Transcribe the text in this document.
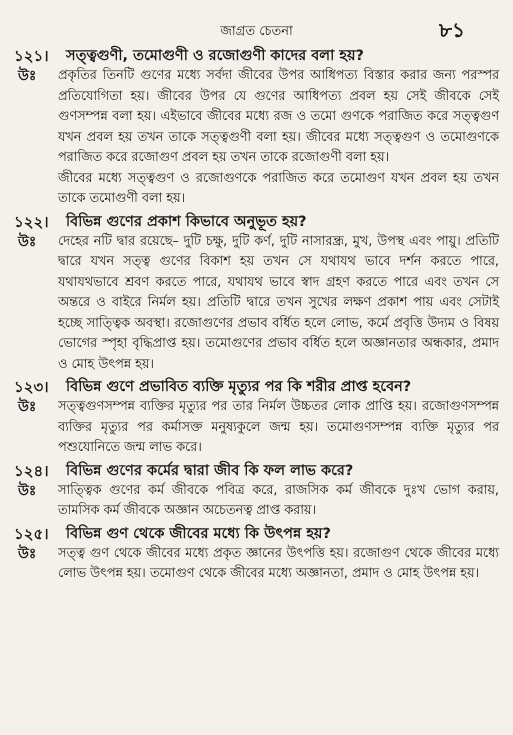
জাগ্রত চেতনা	৮১
১২১।	সত্ত্বগুণী, তমোগুণী ও রজোগুণী কাদের বলা হয়?
উঃ	প্রকৃতির তিনটি গুণের মধ্যে সর্বদা জীবের উপর আধিপত্য বিস্তার করার জন্য পরস্পর প্রতিযোগিতা হয়। জীবের উপর যে গুণের আধিপত্য প্রবল হয় সেই জীবকে সেই গুণসম্পন্ন বলা হয়। এইভাবে জীবের মধ্যে রজ ও তমো গুণকে পরাজিত করে সত্ত্বগুণ যখন প্রবল হয় তখন তাকে সত্ত্বগুণী বলা হয়। জীবের মধ্যে সত্ত্বগুণ ও তমোগুণকে পরাজিত করে রজোগুণ প্রবল হয় তখন তাকে রজোগুণী বলা হয়।

জীবের মধ্যে সত্ত্বগুণ ও রজোগুণকে পরাজিত করে তমোগুণ যখন প্রবল হয় তখন তাকে তমোগুণী বলা হয়।

১২২।	বিভিন্ন গুণের প্রকাশ কিভাবে অনুভূত হয়?
উঃ	দেহের নটি দ্বার রয়েছে– দুটি চক্ষু, দুটি কর্ণ, দুটি নাসারন্ধ্র, মুখ, উপস্থ এবং পায়ু। প্রতিটি দ্বারে যখন সত্ত্ব গুণের বিকাশ হয় তখন সে যথাযথ ভাবে দর্শন করতে পারে, যথাযথভাবে শ্রবণ করতে পারে, যথাযথ ভাবে স্বাদ গ্রহণ করতে পারে এবং তখন সে অন্তরে ও বাইরে নির্মল হয়। প্রতিটি দ্বারে তখন সুখের লক্ষণ প্রকাশ পায় এবং সেটাই হচ্ছে সাত্ত্বিক অবস্থা। রজোগুণের প্রভাব বর্ধিত হলে লোভ, কর্মে প্রবৃত্তি উদ্যম ও বিষয় ভোগের স্পৃহা বৃদ্ধিপ্রাপ্ত হয়। তমোগুণের প্রভাব বর্ধিত হলে অজ্ঞানতার অন্ধকার, প্রমাদ ও মোহ উৎপন্ন হয়।

১২৩।	বিভিন্ন গুণে প্রভাবিত ব্যক্তি মৃত্যুর পর কি শরীর প্রাপ্ত হবেন?
উঃ	সত্ত্বগুণসম্পন্ন ব্যক্তির মৃত্যুর পর তার নির্মল উচ্চতর লোক প্রাপ্তি হয়। রজোগুণসম্পন্ন ব্যক্তির মৃত্যুর পর কর্মাসক্ত মনুষ্যকুলে জন্ম হয়। তমোগুণসম্পন্ন ব্যক্তি মৃত্যুর পর পশুযোনিতে জন্ম লাভ করে।

১২৪।	বিভিন্ন গুণের কর্মের দ্বারা জীব কি ফল লাভ করে?
উঃ	সাত্ত্বিক গুণের কর্ম জীবকে পবিত্র করে, রাজসিক কর্ম জীবকে দুঃখ ভোগ করায়, তামসিক কর্ম জীবকে অজ্ঞান অচেতনত্ব প্রাপ্ত করায়।

১২৫।	বিভিন্ন গুণ থেকে জীবের মধ্যে কি উৎপন্ন হয়?
উঃ	সত্ত্ব গুণ থেকে জীবের মধ্যে প্রকৃত জ্ঞানের উৎপত্তি হয়। রজোগুণ থেকে জীবের মধ্যে লোভ উৎপন্ন হয়। তমোগুণ থেকে জীবের মধ্যে অজ্ঞানতা, প্রমাদ ও মোহ উৎপন্ন হয়।
